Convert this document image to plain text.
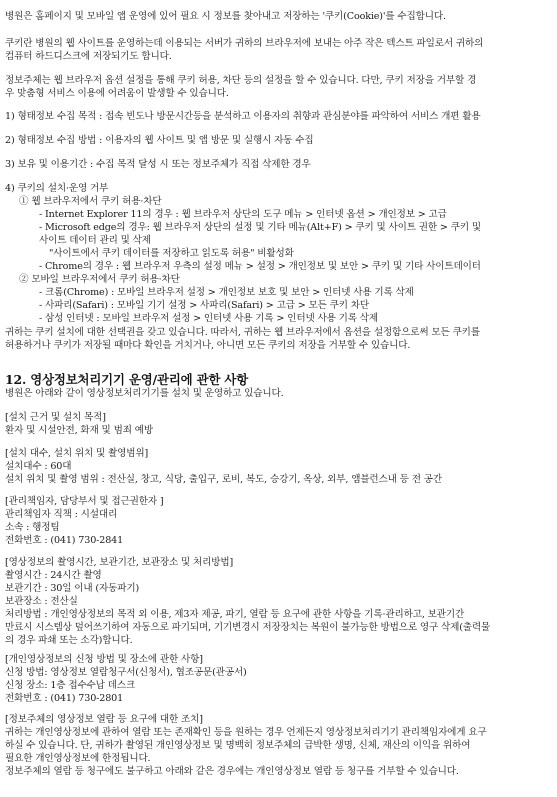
병원은 홈페이지 및 모바일 앱 운영에 있어 필요 시 정보를 찾아내고 저장하는 '쿠키(Cookie)'를 수집합니다.
쿠키란 병원의 웹 사이트를 운영하는데 이용되는 서버가 귀하의 브라우저에 보내는 아주 작은 텍스트 파일로서 귀하의
컴퓨터 하드디스크에 저장되기도 합니다.
정보주체는 웹 브라우저 옵션 설정을 통해 쿠키 허용, 차단 등의 설정을 할 수 있습니다. 다만, 쿠키 저장을 거부할 경
우 맞춤형 서비스 이용에 어려움이 발생할 수 있습니다.
1) 형태정보 수집 목적 : 접속 빈도나 방문시간등을 분석하고 이용자의 취향과 관심분야를 파악하여 서비스 개편 활용
2) 형태정보 수집 방법 : 이용자의 웹 사이트 및 앱 방문 및 실행시 자동 수집
3) 보유 및 이용기간 : 수집 목적 달성 시 또는 정보주체가 직접 삭제한 경우
4) 쿠키의 설치·운영 거부
① 웹 브라우저에서 쿠키 허용·차단
- Internet Explorer 11의 경우 : 웹 브라우저 상단의 도구 메뉴 > 인터넷 옵션 > 개인정보 > 고급
- Microsoft edge의 경우: 웹 브라우저 상단의 설정 및 기타 메뉴(Alt+F) > 쿠키 및 사이트 권한 > 쿠키 및
사이트 데이터 관리 및 삭제
"사이트에서 쿠키 데이터를 저장하고 읽도록 허용" 비활성화
- Chrome의 경우 : 웹 브라우저 우측의 설정 메뉴 > 설정 > 개인정보 및 보안 > 쿠키 및 기타 사이트데이터
② 모바일 브라우저에서 쿠키 허용·차단
- 크롬(Chrome) : 모바일 브라우저 설정 > 개인정보 보호 및 보안 > 인터넷 사용 기록 삭제
- 사파리(Safari) : 모바일 기기 설정 > 사파리(Safari) > 고급 > 모든 쿠키 차단
- 삼성 인터넷 : 모바일 브라우저 설정 > 인터넷 사용 기록 > 인터넷 사용 기록 삭제
귀하는 쿠키 설치에 대한 선택권을 갖고 있습니다. 따라서, 귀하는 웹 브라우저에서 옵션을 설정함으로써 모든 쿠키를
허용하거나 쿠키가 저장될 때마다 확인을 거치거나, 아니면 모든 쿠키의 저장을 거부할 수 있습니다.
12. 영상정보처리기기 운영/관리에 관한 사항
병원은 아래와 같이 영상정보처리기기를 설치 및 운영하고 있습니다.
[설치 근거 및 설치 목적]
환자 및 시설안전, 화재 및 범죄 예방
[설치 대수, 설치 위치 및 촬영범위]
설치대수 : 60대
설치 위치 및 촬영 범위 : 전산실, 창고, 식당, 출입구, 로비, 복도, 승강기, 옥상, 외부, 앰블런스내 등 전 공간
[관리책임자, 담당부서 및 접근권한자 ]
관리책임자 직책 : 시설대리
소속 : 행정팀
전화번호 : (041) 730-2841
[영상정보의 촬영시간, 보관기간, 보관장소 및 처리방법]
촬영시간 : 24시간 촬영
보관기간 : 30일 이내 (자동파기)
보관장소 : 전산실
처리방법 : 개인영상정보의 목적 외 이용, 제3자 제공, 파기, 열람 등 요구에 관한 사항을 기록·관리하고, 보관기간
만료시 시스템상 덮어쓰기하여 자동으로 파기되며, 기기변경시 저장장치는 복원이 불가능한 방법으로 영구 삭제(출력물
의 경우 파쇄 또는 소각)합니다.
[개인영상정보의 신청 방법 및 장소에 관한 사항]
신청 방법: 영상정보 열람청구서(신청서), 협조공문(관공서)
신청 장소: 1층 접수수납 데스크
전화번호 : (041) 730-2801
[정보주체의 영상정보 열람 등 요구에 대한 조치]
귀하는 개인영상정보에 관하여 열람 또는 존재확인 등을 원하는 경우 언제든지 영상정보처리기기 관리책임자에게 요구
하실 수 있습니다. 단, 귀하가 촬영된 개인영상정보 및 명백히 정보주체의 급박한 생명, 신체, 재산의 이익을 위하여
필요한 개인영상정보에 한정됩니다.
정보주체의 열람 등 청구에도 불구하고 아래와 같은 경우에는 개인영상정보 열람 등 청구를 거부할 수 있습니다.
